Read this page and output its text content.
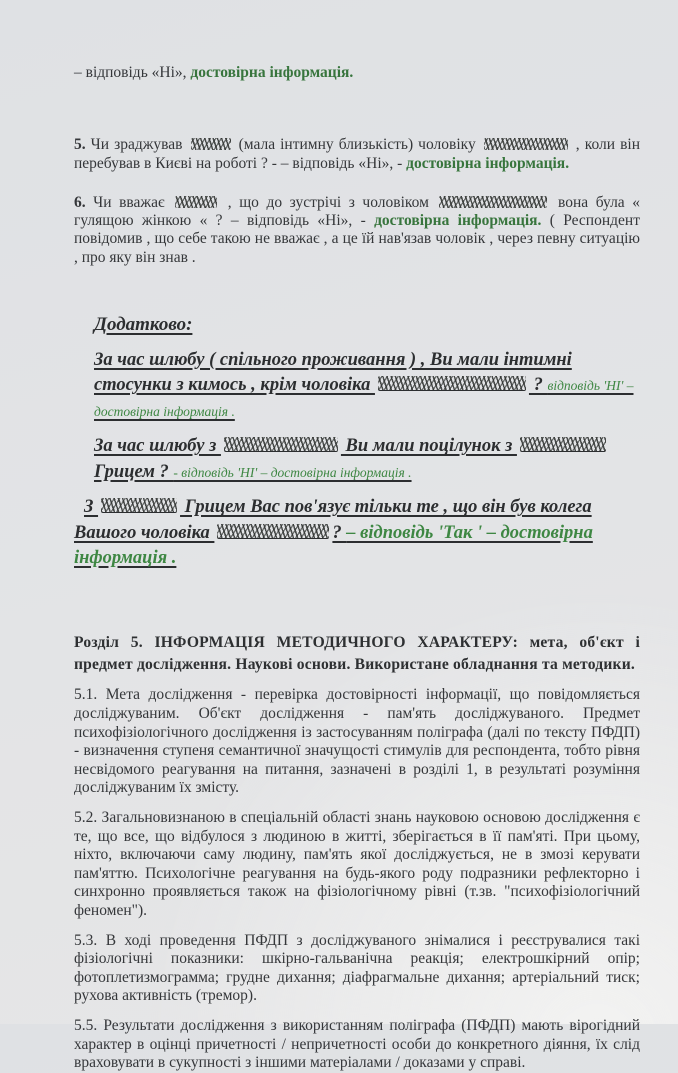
– відповідь «Ні», достовірна інформація.

5. Чи зраджував	(мала інтимну близькість) чоловіку	, коли він перебував в Києві на роботі ? - – відповідь «Ні», - достовірна інформація.

6. Чи вважає	, що до зустрічі з чоловіком	вона була « гулящою жінкою « ? – відповідь «Ні», - достовірна інформація. ( Респондент повідомив , що себе такою не вважає , а це їй нав'язав чоловік , через певну ситуацію , про яку він знав .

Додатково:

За час шлюбу ( спільного проживання ) , Ви мали інтимні стосунки з кимось , крім чоловіка	? відповідь 'НІ' – достовірна інформація .

За час шлюбу з	Ви мали поцілунок з  Грицем ? - відповідь 'НІ' – достовірна інформація .

З	Грицем Вас пов'язує тільки те , що він був колега Вашого чоловіка	? – відповідь 'Так ' – достовірна інформація .

Розділ 5. ІНФОРМАЦІЯ МЕТОДИЧНОГО ХАРАКТЕРУ: мета, об'єкт і предмет дослідження. Наукові основи. Використане обладнання та методики.

5.1. Мета дослідження - перевірка достовірності інформації, що повідомляється досліджуваним. Об'єкт дослідження - пам'ять досліджуваного. Предмет психофізіологічного дослідження із застосуванням поліграфа (далі по тексту ПФДП) - визначення ступеня семантичної значущості стимулів для респондента, тобто рівня несвідомого реагування на питання, зазначені в розділі 1, в результаті розуміння досліджуваним їх змісту.

5.2. Загальновизнаною в спеціальній області знань науковою основою дослідження є те, що все, що відбулося з людиною в житті, зберігається в її пам'яті. При цьому, ніхто, включаючи саму людину, пам'ять якої досліджується, не в змозі керувати пам'яттю. Психологічне реагування на будь-якого роду подразники рефлекторно і синхронно проявляється також на фізіологічному рівні (т.зв. "психофізіологічний феномен").

5.3. В ході проведення ПФДП з досліджуваного знімалися і реєструвалися такі фізіологічні показники: шкірно-гальванічна реакція; електрошкірний опір; фотоплетизмограмма; грудне дихання; діафрагмальне дихання; артеріальний тиск; рухова активність (тремор).

5.5. Результати дослідження з використанням поліграфа (ПФДП) мають вірогідний характер в оцінці причетності / непричетності особи до конкретного діяння, їх слід враховувати в сукупності з іншими матеріалами / доказами у справі.
